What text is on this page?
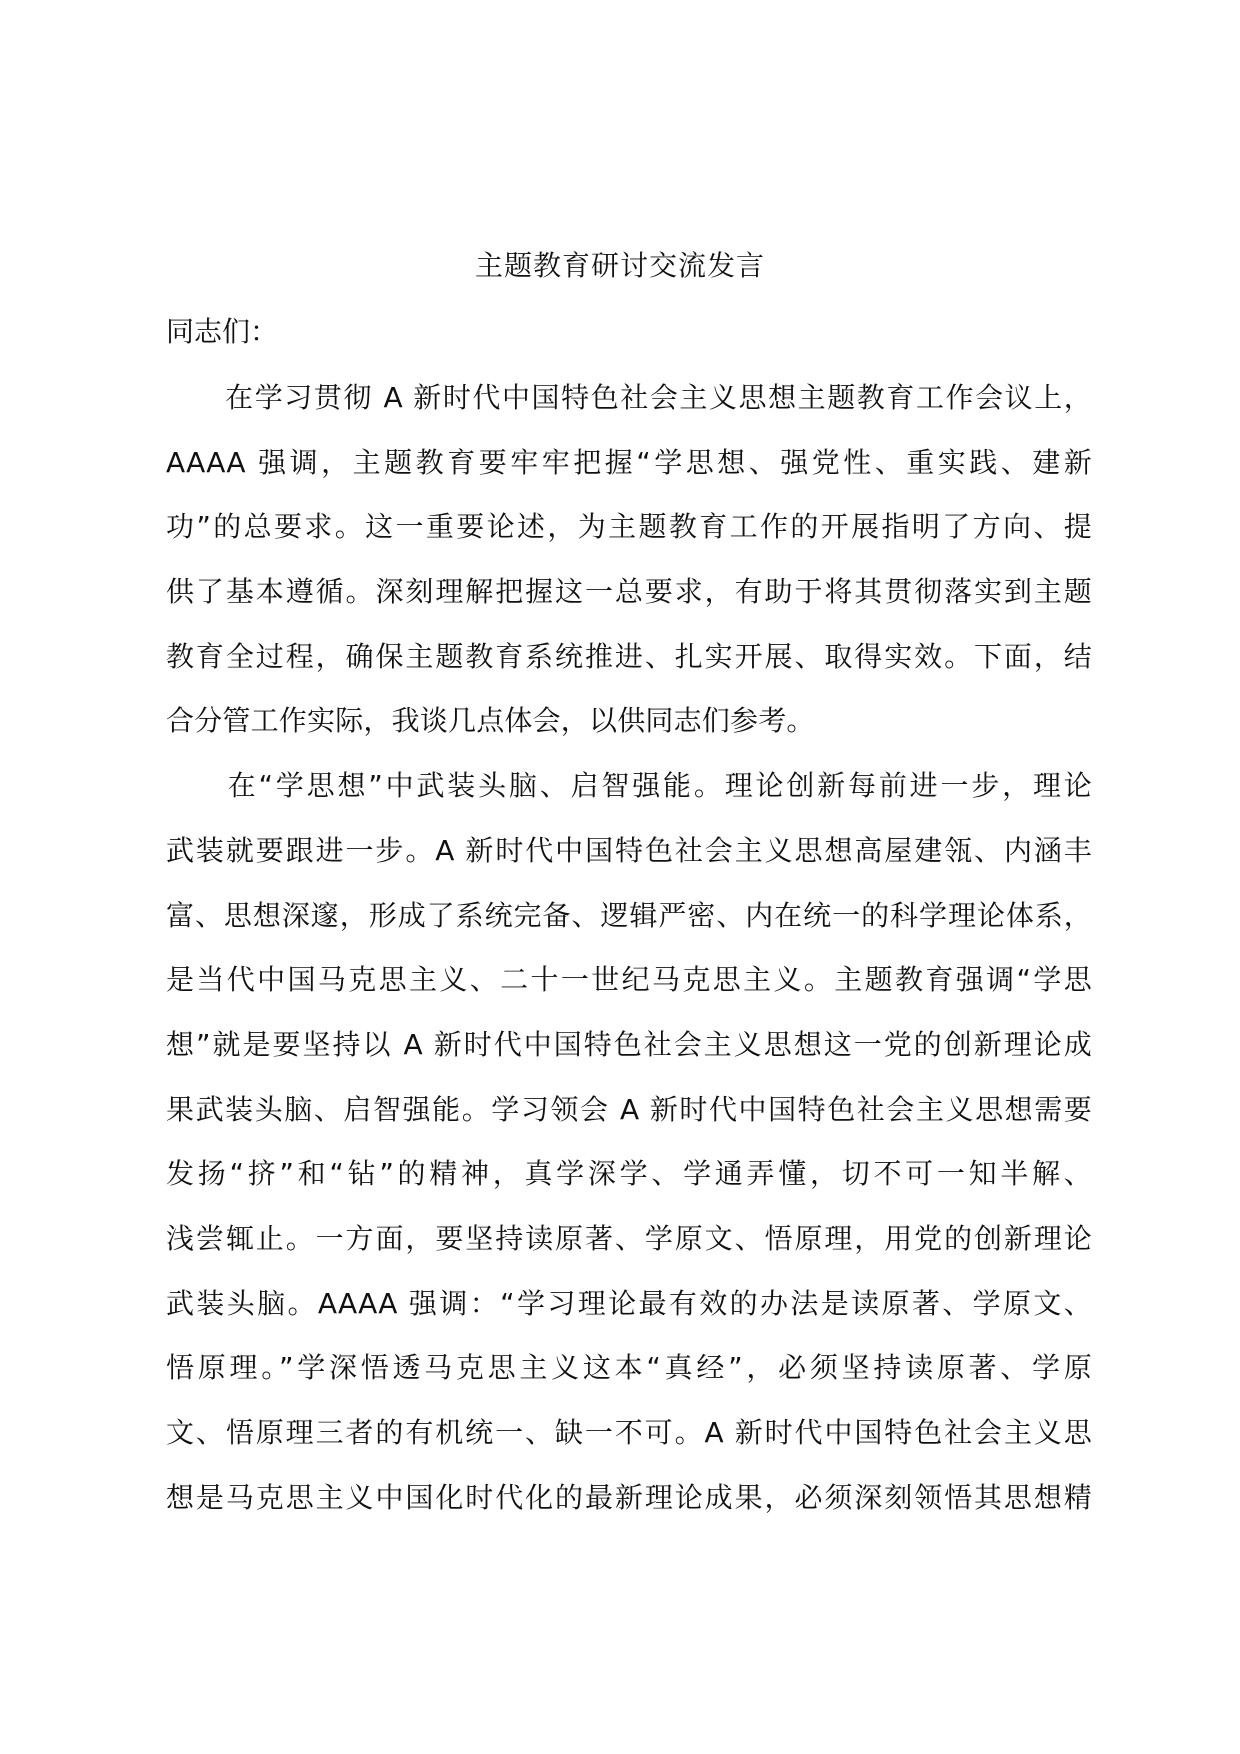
主题教育研讨交流发言
同志们：
　　在学习贯彻 A 新时代中国特色社会主义思想主题教育工作会议上，
AAAA 强调，主题教育要牢牢把握“学思想、强党性、重实践、建新
功”的总要求。这一重要论述，为主题教育工作的开展指明了方向、提
供了基本遵循。深刻理解把握这一总要求，有助于将其贯彻落实到主题
教育全过程，确保主题教育系统推进、扎实开展、取得实效。下面，结
合分管工作实际，我谈几点体会，以供同志们参考。
　　在“学思想”中武装头脑、启智强能。理论创新每前进一步，理论
武装就要跟进一步。A 新时代中国特色社会主义思想高屋建瓴、内涵丰
富、思想深邃，形成了系统完备、逻辑严密、内在统一的科学理论体系，
是当代中国马克思主义、二十一世纪马克思主义。主题教育强调“学思
想”就是要坚持以 A 新时代中国特色社会主义思想这一党的创新理论成
果武装头脑、启智强能。学习领会 A 新时代中国特色社会主义思想需要
发扬“挤”和“钻”的精神，真学深学、学通弄懂，切不可一知半解、
浅尝辄止。一方面，要坚持读原著、学原文、悟原理，用党的创新理论
武装头脑。AAAA 强调：“学习理论最有效的办法是读原著、学原文、
悟原理。”学深悟透马克思主义这本“真经”，必须坚持读原著、学原
文、悟原理三者的有机统一、缺一不可。A 新时代中国特色社会主义思
想是马克思主义中国化时代化的最新理论成果，必须深刻领悟其思想精
